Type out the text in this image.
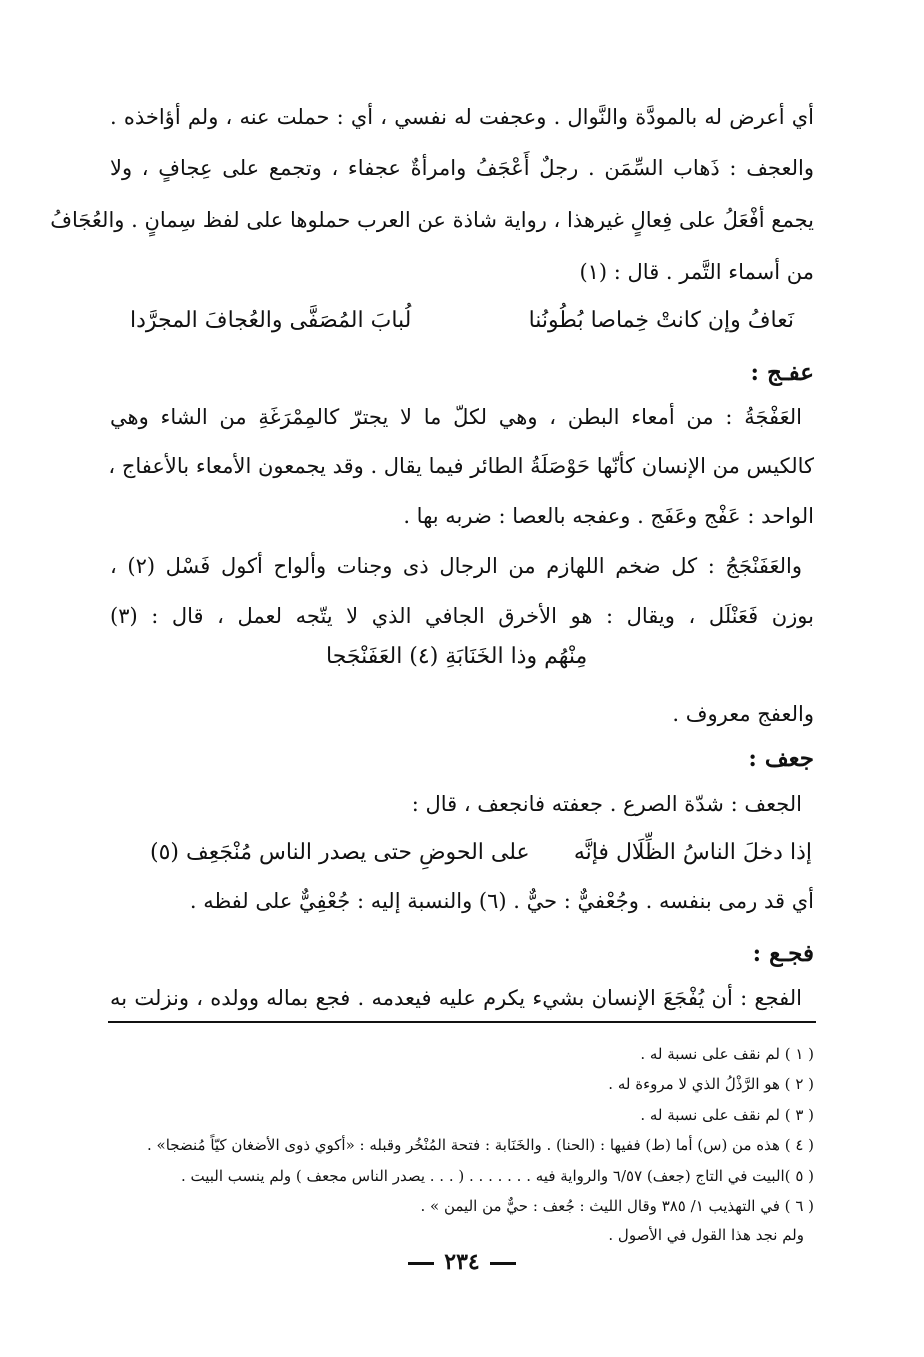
أي أعرض له بالمودَّة والنَّوال . وعجفت له نفسي ، أي : حملت عنه ، ولم أؤاخذه .
والعجف : ذَهاب السِّمَن . رجلٌ أَعْجَفُ وامرأةٌ عجفاء ، وتجمع على عِجافٍ ، ولا
يجمع أفْعَلُ على فِعالٍ غيرهذا ، رواية شاذة عن العرب حملوها على لفظ سِمانٍ . والعُجَافُ
من أسماء التَّمر . قال : (١)
نَعافُ وإن كانتْ خِماصا بُطُونُنا
لُبابَ المُصَفَّى والعُجافَ المجرَّدا
عفـج :
العَفْجَةُ : من أمعاء البطن ، وهي لكلّ ما لا يجترّ كالمِمْرَغَةِ من الشاء وهي
كالكيس من الإنسان كأنّها حَوْصَلَةُ الطائر فيما يقال . وقد يجمعون الأمعاء بالأعفاج ،
الواحد : عَفْج وعَفَج . وعفجه بالعصا : ضربه بها .
والعَفَنْجَجُ : كل ضخم اللهازم من الرجال ذى وجنات وألواح أكول فَسْل (٢) ،
بوزن فَعَنْلَل ، ويقال : هو الأخرق الجافي الذي لا يتّجه لعمل ، قال : (٣)
مِنْهُم وذا الخَنَابَةِ (٤) العَفَنْجَجا
والعفج معروف .
جعف :
الجعف : شدّة الصرع . جعفته فانجعف ، قال :
إذا دخلَ الناسُ الظِّلَال فإنَّه
على الحوضِ حتى يصدر الناس مُنْجَعِف (٥)
أي قد رمى بنفسه . وجُعْفيٌّ : حيٌّ . (٦) والنسبة إليه : جُعْفِيٌّ على لفظه .
فجـع :
الفجع : أن يُفْجَعَ الإنسان بشيء يكرم عليه فيعدمه . فجع بماله وولده ، ونزلت به
( ١ ) لم نقف على نسبة له .
( ٢ ) هو الرَّذْلُ الذي لا مروءة له .
( ٣ ) لم نقف على نسبة له .
( ٤ ) هذه من (س) أما (ط) ففيها : (الحنا) . والخَنَابة : فتحة المُنْخُر وقبله : «أكوي ذوى الأضغان كيّاً مُنضجا» .
( ٥ )البيت في التاج (جعف) ٦/٥٧ والرواية فيه . . . . . . . ( . . . يصدر الناس مجعف ) ولم ينسب البيت .
( ٦ ) في التهذيب ١/ ٣٨٥ وقال الليث : جُعف : حيٌّ من اليمن » .
ولم نجد هذا القول في الأصول .
٢٣٤
